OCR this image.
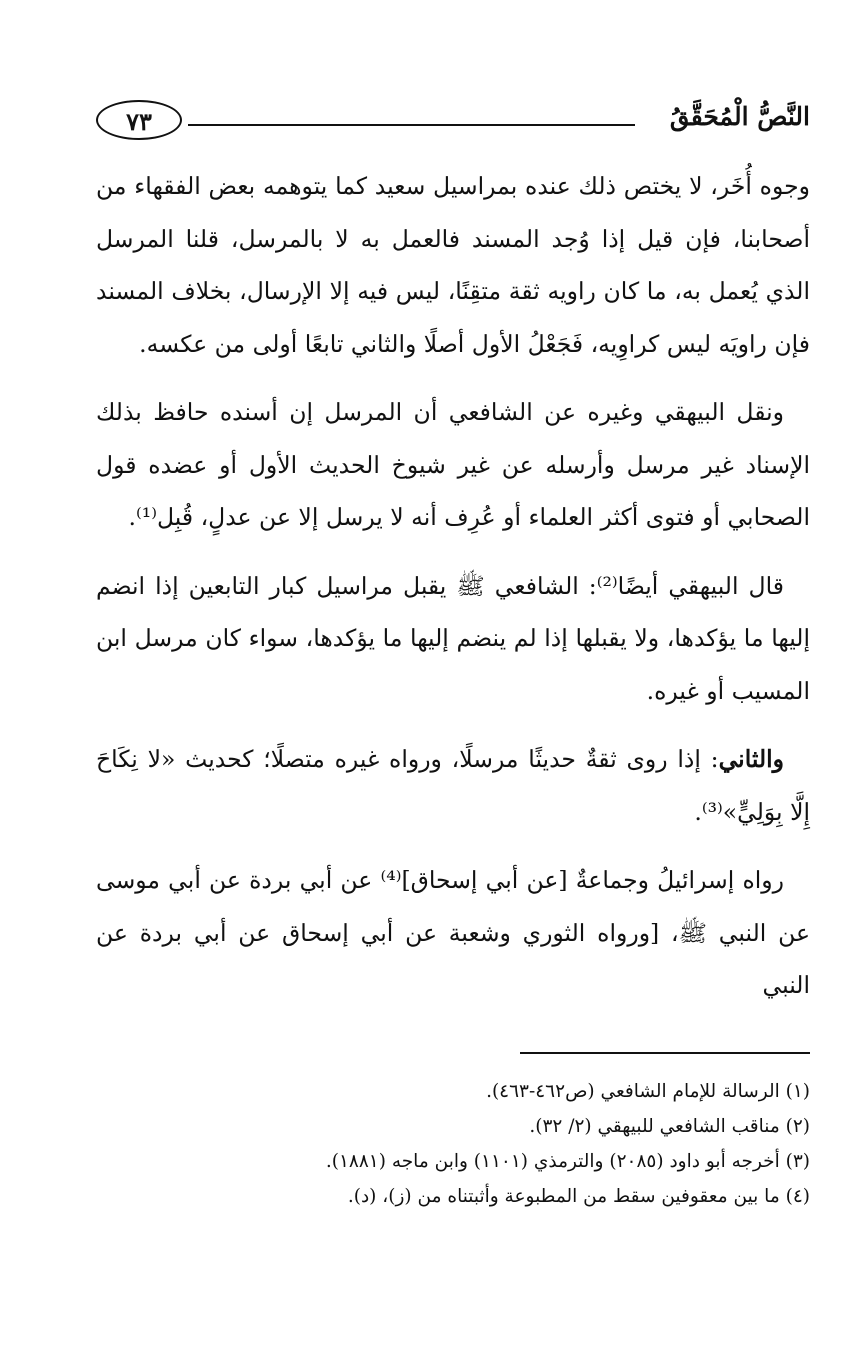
النَّصُّ الْمُحَقَّقُ
٧٣

وجوه أُخَر، لا يختص ذلك عنده بمراسيل سعيد كما يتوهمه بعض الفقهاء من أصحابنا، فإن قيل إذا وُجد المسند فالعمل به لا بالمرسل، قلنا المرسل الذي يُعمل به، ما كان راويه ثقة متقِنًا، ليس فيه إلا الإرسال، بخلاف المسند فإن راويَه ليس كراوِيه، فَجَعْلُ الأول أصلًا والثاني تابعًا أولى من عكسه.

ونقل البيهقي وغيره عن الشافعي أن المرسل إن أسنده حافظ بذلك الإسناد غير مرسل وأرسله عن غير شيوخ الحديث الأول أو عضده قول الصحابي أو فتوى أكثر العلماء أو عُرِف أنه لا يرسل إلا عن عدلٍ، قُبِل⁽¹⁾.

قال البيهقي أيضًا⁽²⁾: الشافعي ﷺ يقبل مراسيل كبار التابعين إذا انضم إليها ما يؤكدها، ولا يقبلها إذا لم ينضم إليها ما يؤكدها، سواء كان مرسل ابن المسيب أو غيره.

والثاني: إذا روى ثقةٌ حديثًا مرسلًا، ورواه غيره متصلًا؛ كحديث «لا نِكَاحَ إِلَّا بِوَلِيٍّ»⁽³⁾.

رواه إسرائيلُ وجماعةٌ [عن أبي إسحاق]⁽⁴⁾ عن أبي بردة عن أبي موسى عن النبي ﷺ، [ورواه الثوري وشعبة عن أبي إسحاق عن أبي بردة عن النبي

(١) الرسالة للإمام الشافعي (ص٤٦٢-٤٦٣).

(٢) مناقب الشافعي للبيهقي (٢/ ٣٢).

(٣) أخرجه أبو داود (٢٠٨٥) والترمذي (١١٠١) وابن ماجه (١٨٨١).

(٤) ما بين معقوفين سقط من المطبوعة وأثبتناه من (ز)، (د).
